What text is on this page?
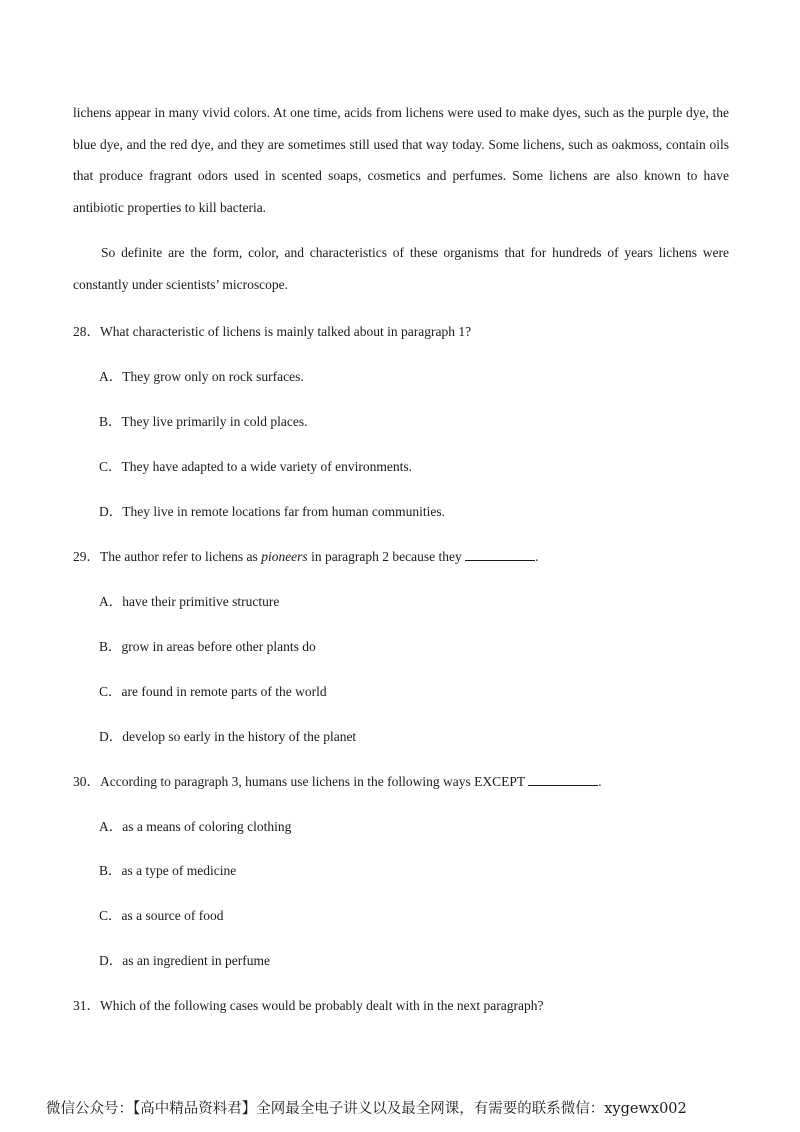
lichens appear in many vivid colors. At one time, acids from lichens were used to make dyes, such as the purple dye, the blue dye, and the red dye, and they are sometimes still used that way today. Some lichens, such as oakmoss, contain oils that produce fragrant odors used in scented soaps, cosmetics and perfumes. Some lichens are also known to have antibiotic properties to kill bacteria.

So definite are the form, color, and characteristics of these organisms that for hundreds of years lichens were constantly under scientists’ microscope.

28．What characteristic of lichens is mainly talked about in paragraph 1?

A．They grow only on rock surfaces.

B．They live primarily in cold places.

C．They have adapted to a wide variety of environments.

D．They live in remote locations far from human communities.

29．The author refer to lichens as pioneers in paragraph 2 because they	.

A．have their primitive structure

B．grow in areas before other plants do

C．are found in remote parts of the world

D．develop so early in the history of the planet

30．According to paragraph 3, humans use lichens in the following ways EXCEPT	.

A．as a means of coloring clothing

B．as a type of medicine

C．as a source of food

D．as an ingredient in perfume

31．Which of the following cases would be probably dealt with in the next paragraph?

微信公众号：【高中精品资料君】全网最全电子讲义以及最全网课，有需要的联系微信：xygewx002
